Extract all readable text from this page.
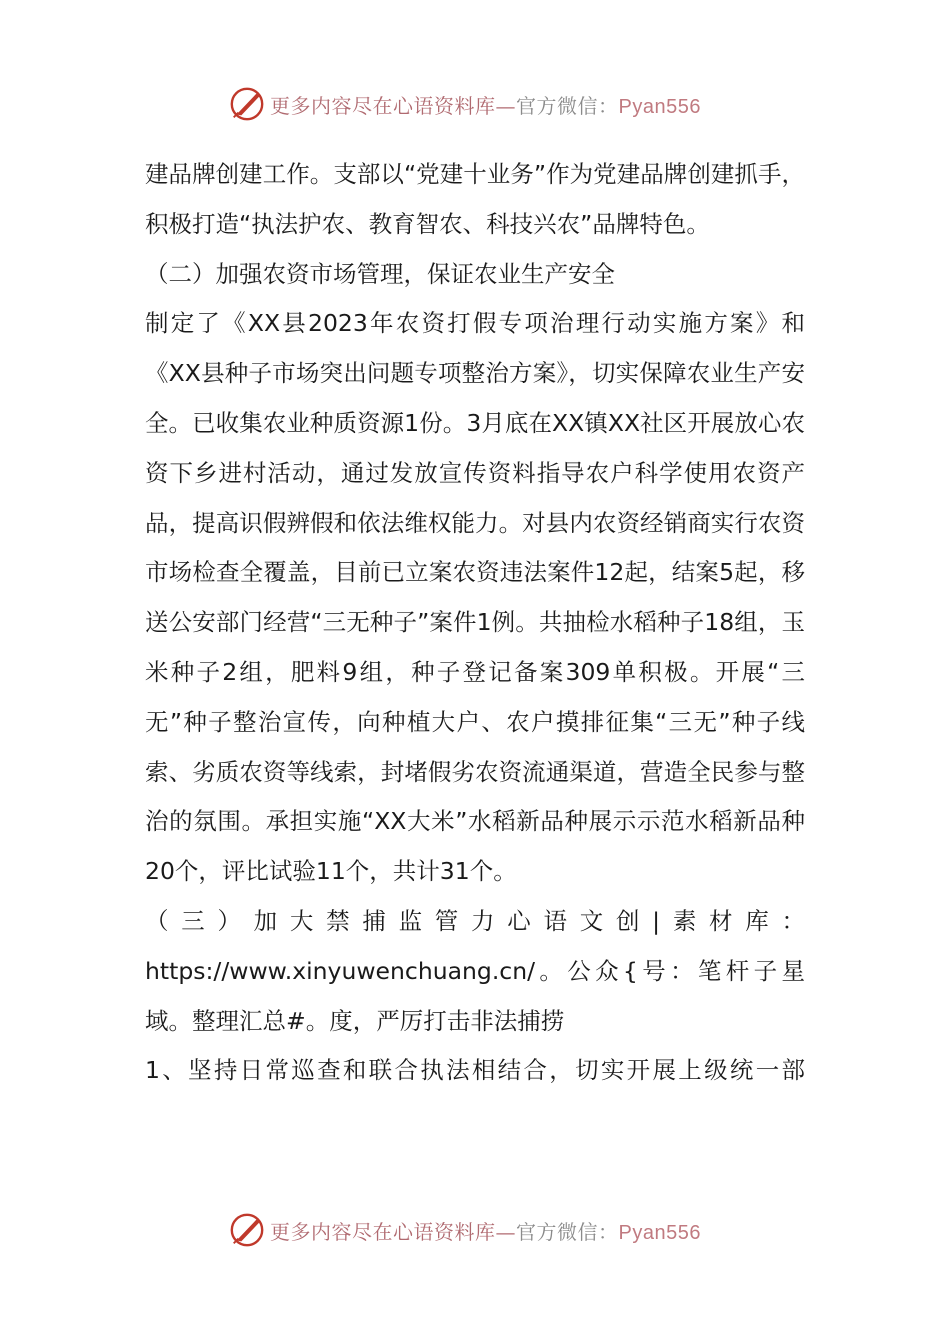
更多内容尽在心语资料库—官方微信：Pyan556

建品牌创建工作。支部以“党建十业务”作为党建品牌创建抓手，积极打造“执法护农、教育智农、科技兴农”品牌特色。

（二）加强农资市场管理，保证农业生产安全

制定了《XX县2023年农资打假专项治理行动实施方案》和《XX县种子市场突出问题专项整治方案》，切实保障农业生产安全。已收集农业种质资源1份。3月底在XX镇XX社区开展放心农资下乡进村活动，通过发放宣传资料指导农户科学使用农资产品，提高识假辨假和依法维权能力。对县内农资经销商实行农资市场检查全覆盖，目前已立案农资违法案件12起，结案5起，移送公安部门经营“三无种子”案件1例。共抽检水稻种子18组，玉米种子2组，肥料9组，种子登记备案309单积极。开展“三无”种子整治宣传，向种植大户、农户摸排征集“三无”种子线索、劣质农资等线索，封堵假劣农资流通渠道，营造全民参与整治的氛围。承担实施“XX大米”水稻新品种展示示范水稻新品种20个，评比试验11个，共计31个。

（三）加大禁捕监管力心语文创|素材库：https://www.xinyuwenchuang.cn/。公众{号：笔杆子星域。整理汇总#。度，严厉打击非法捕捞

1、坚持日常巡查和联合执法相结合，切实开展上级统一部

更多内容尽在心语资料库—官方微信：Pyan556
